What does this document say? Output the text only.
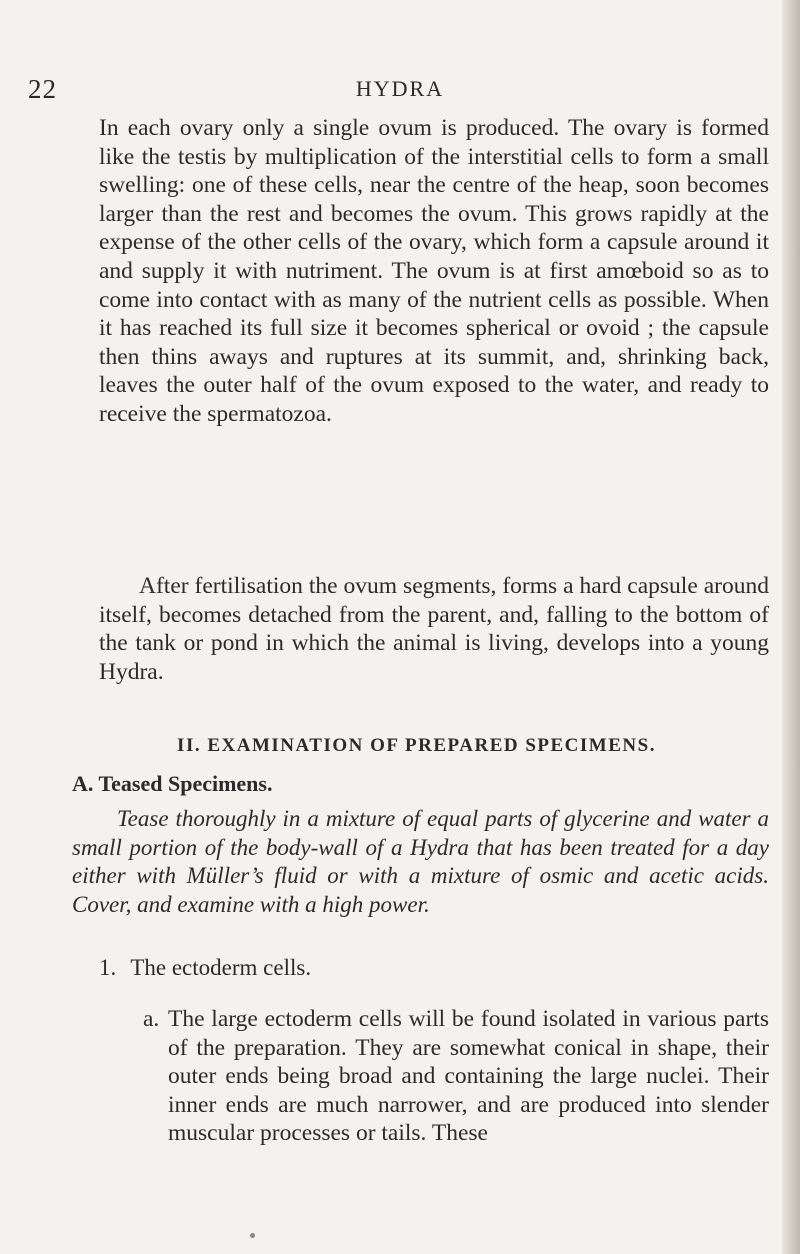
22	HYDRA

In each ovary only a single ovum is produced. The ovary is formed like the testis by multiplication of the interstitial cells to form a small swelling: one of these cells, near the centre of the heap, soon becomes larger than the rest and becomes the ovum. This grows rapidly at the expense of the other cells of the ovary, which form a capsule around it and supply it with nutriment. The ovum is at first amœboid so as to come into contact with as many of the nutrient cells as possible. When it has reached its full size it becomes spherical or ovoid ; the capsule then thins aways and ruptures at its summit, and, shrinking back, leaves the outer half of the ovum exposed to the water, and ready to receive the spermatozoa.

After fertilisation the ovum segments, forms a hard capsule around itself, becomes detached from the parent, and, falling to the bottom of the tank or pond in which the animal is living, develops into a young Hydra.

II. EXAMINATION OF PREPARED SPECIMENS.
A. Teased Specimens.

Tease thoroughly in a mixture of equal parts of glycerine and water a small portion of the body-wall of a Hydra that has been treated for a day either with Müller’s fluid or with a mixture of osmic and acetic acids. Cover, and examine with a high power.

1. The ectoderm cells.

a. The large ectoderm cells will be found isolated in various parts of the preparation. They are somewhat conical in shape, their outer ends being broad and containing the large nuclei. Their inner ends are much narrower, and are produced into slender muscular processes or tails. These
